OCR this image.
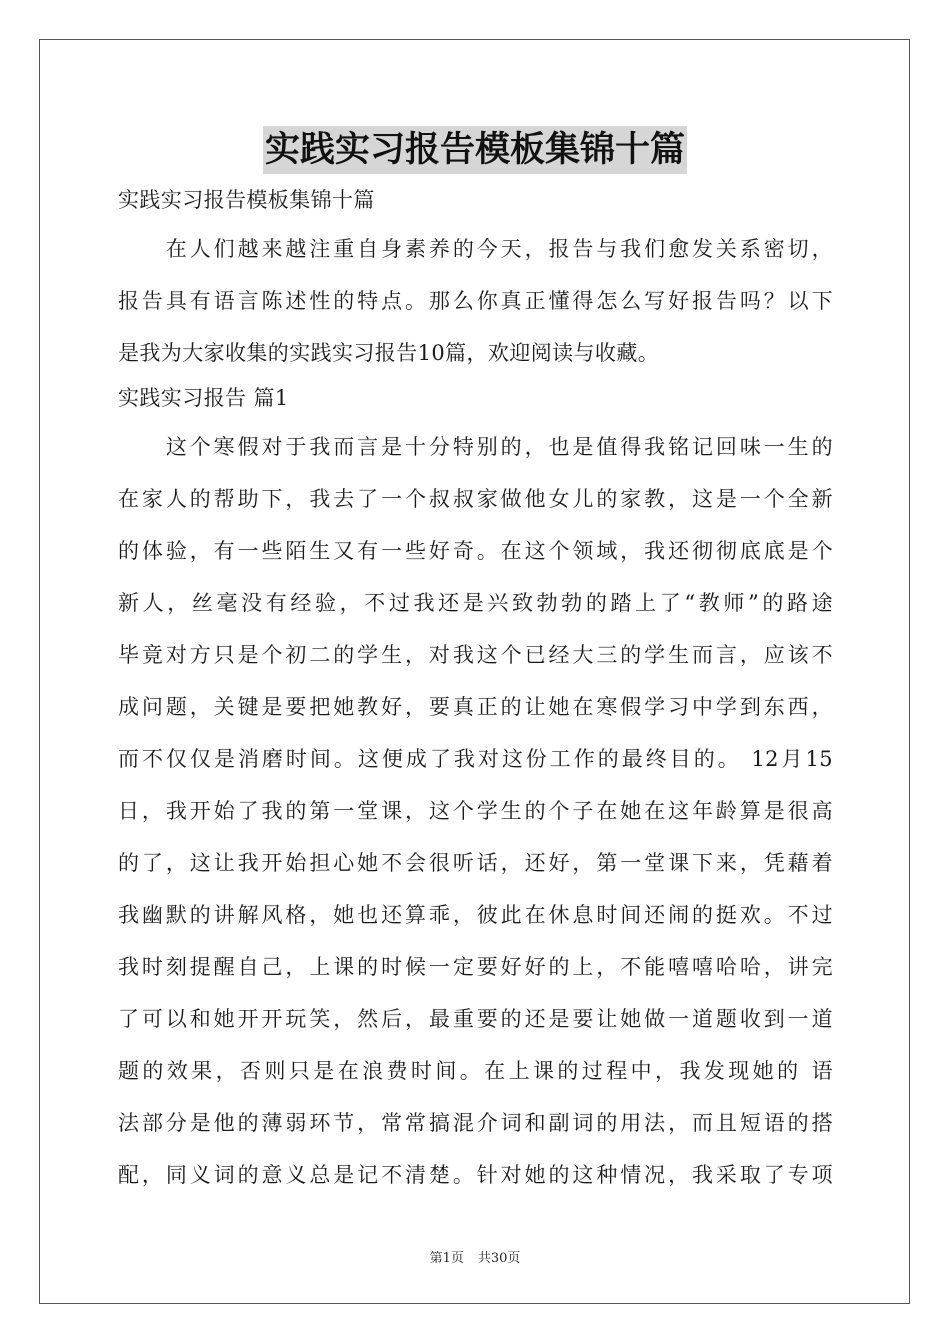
实践实习报告模板集锦十篇
实践实习报告模板集锦十篇
　　在人们越来越注重自身素养的今天，报告与我们愈发关系密切，
报告具有语言陈述性的特点。那么你真正懂得怎么写好报告吗？以下
是我为大家收集的实践实习报告10篇，欢迎阅读与收藏。
实践实习报告 篇1
　　这个寒假对于我而言是十分特别的，也是值得我铭记回味一生的
在家人的帮助下，我去了一个叔叔家做他女儿的家教，这是一个全新
的体验，有一些陌生又有一些好奇。在这个领域，我还彻彻底底是个
新人，丝毫没有经验，不过我还是兴致勃勃的踏上了“教师”的路途
毕竟对方只是个初二的学生，对我这个已经大三的学生而言，应该不
成问题，关键是要把她教好，要真正的让她在寒假学习中学到东西，
而不仅仅是消磨时间。这便成了我对这份工作的最终目的。 12月15
日，我开始了我的第一堂课，这个学生的个子在她在这年龄算是很高
的了，这让我开始担心她不会很听话，还好，第一堂课下来，凭藉着
我幽默的讲解风格，她也还算乖，彼此在休息时间还闹的挺欢。不过
我时刻提醒自己，上课的时候一定要好好的上，不能嘻嘻哈哈，讲完
了可以和她开开玩笑，然后，最重要的还是要让她做一道题收到一道
题的效果，否则只是在浪费时间。在上课的过程中，我发现她的 语
法部分是他的薄弱环节，常常搞混介词和副词的用法，而且短语的搭
配，同义词的意义总是记不清楚。针对她的这种情况，我采取了专项
第1页 共30页
